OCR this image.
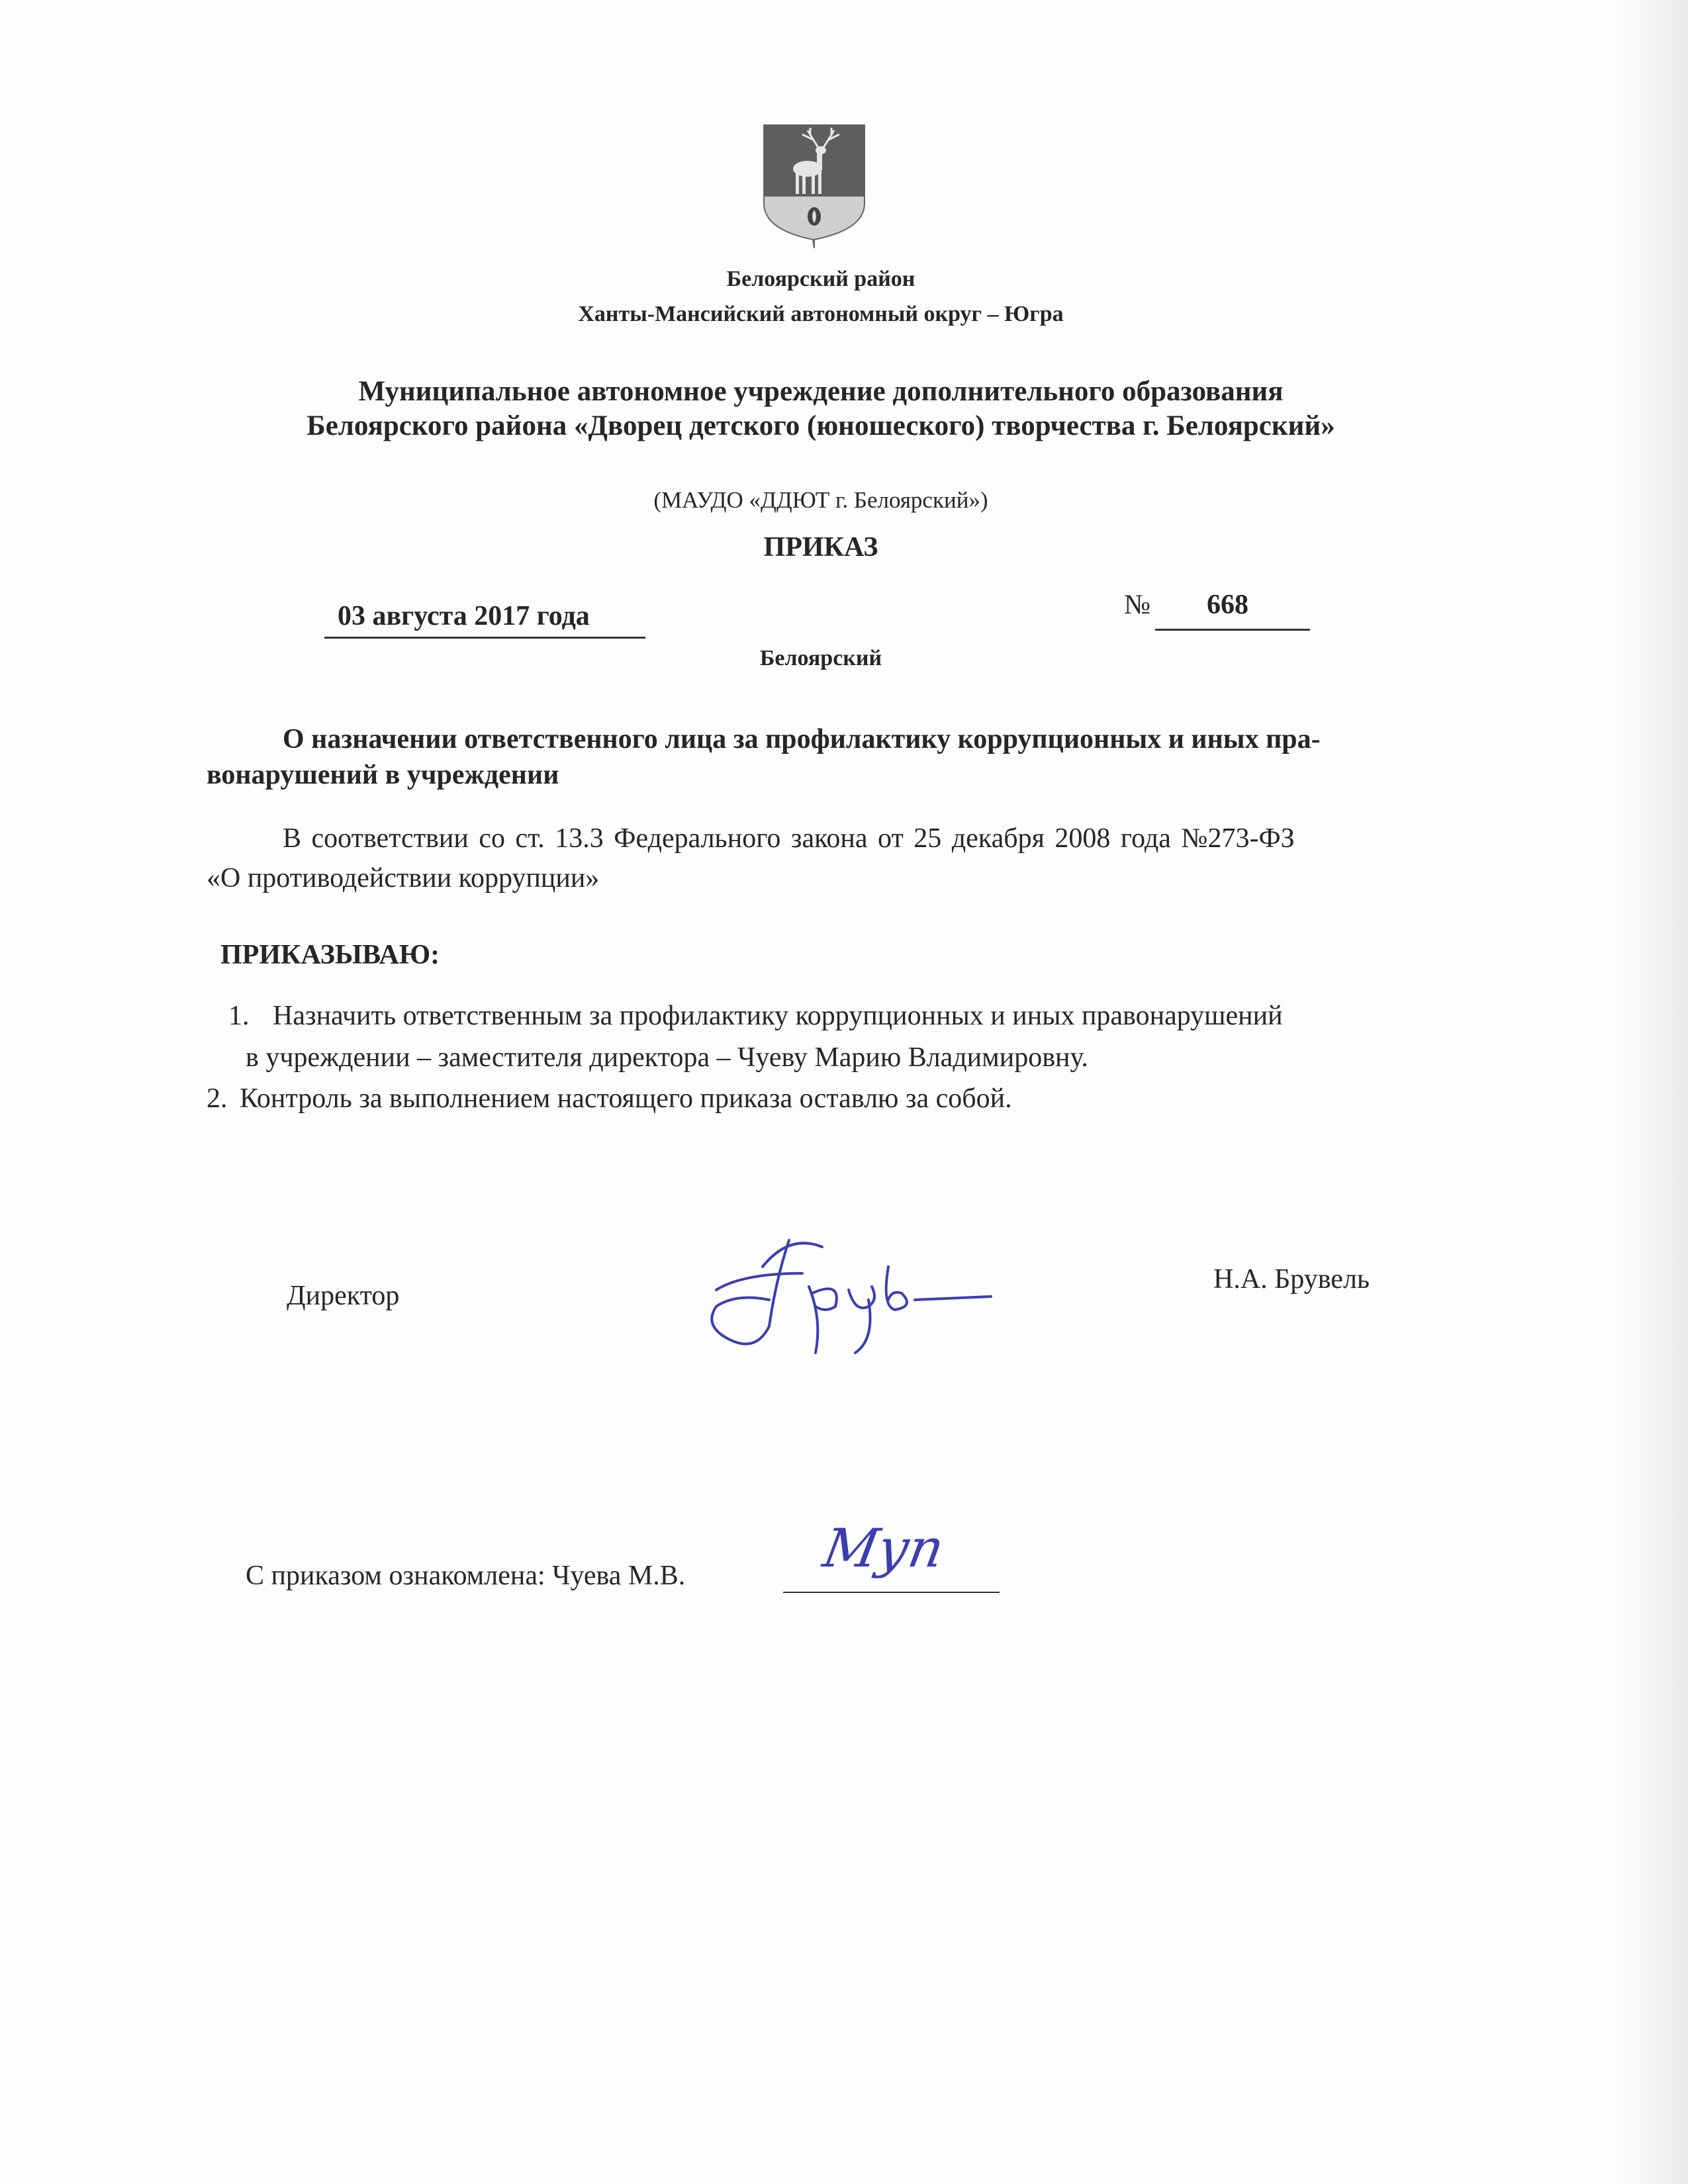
Белоярский район
Ханты-Мансийский автономный округ – Югра
Муниципальное автономное учреждение дополнительного образования
Белоярского района «Дворец детского (юношеского) творчества г. Белоярский»
(МАУДО «ДДЮТ г. Белоярский»)
ПРИКАЗ
03 августа 2017 года	№ 668
Белоярский
О назначении ответственного лица за профилактику коррупционных и иных пра-
вонарушений в учреждении
В соответствии со ст. 13.3 Федерального закона от 25 декабря 2008 года №273-ФЗ
«О противодействии коррупции»
ПРИКАЗЫВАЮ:
1. Назначить ответственным за профилактику коррупционных и иных правонарушений
в учреждении – заместителя директора – Чуеву Марию Владимировну.
2. Контроль за выполнением настоящего приказа оставлю за собой.
Директор
Н.А. Брувель
С приказом ознакомлена: Чуева М.В.	Муп
